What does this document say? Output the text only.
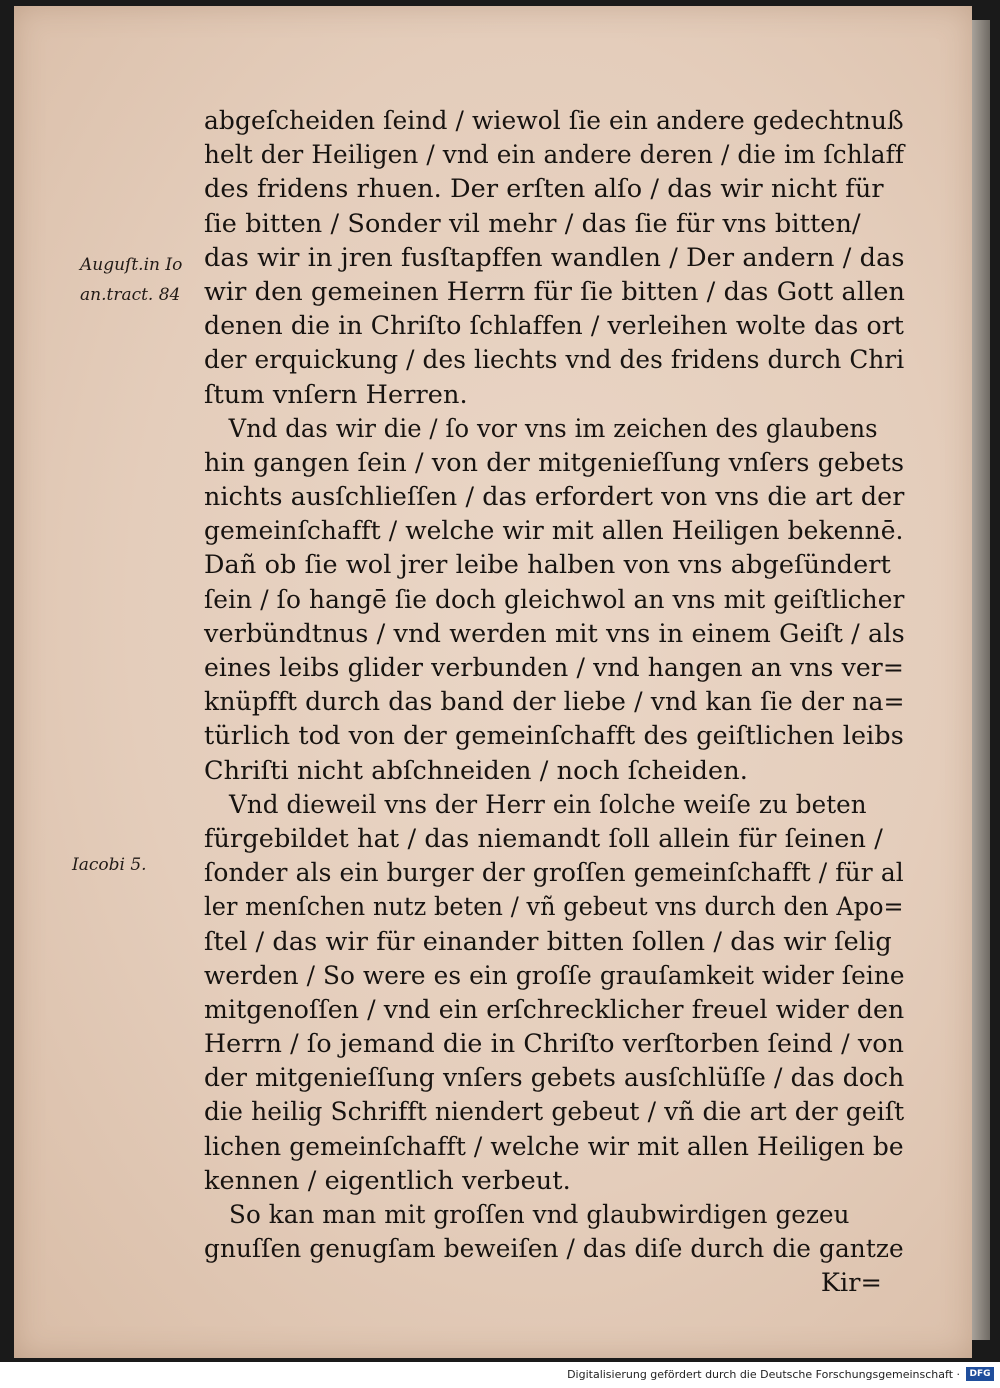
abgeſcheiden ſeind / wiewol ſie ein andere gedechtnuß
helt der Heiligen / vnd ein andere deren / die im ſchlaff
des fridens rhuen. Der erſten alſo / das wir nicht für
ſie bitten / Sonder vil mehr / das ſie für vns bitten/
das wir in jren fusſtapffen wandlen / Der andern / das
wir den gemeinen Herrn für ſie bitten / das Gott allen
denen die in Chriſto ſchlaffen / verleihen wolte das ort
der erquickung / des liechts vnd des fridens durch Chri
ſtum vnſern Herren.
Vnd das wir die / ſo vor vns im zeichen des glaubens
hin gangen ſein / von der mitgenieſſung vnſers gebets
nichts ausſchlieſſen / das erfordert von vns die art der
gemeinſchafft / welche wir mit allen Heiligen bekennē.
Dañ ob ſie wol jrer leibe halben von vns abgeſündert
ſein / ſo hangē ſie doch gleichwol an vns mit geiſtlicher
verbündtnus / vnd werden mit vns in einem Geiſt / als
eines leibs glider verbunden / vnd hangen an vns ver=
knüpfft durch das band der liebe / vnd kan ſie der na=
türlich tod von der gemeinſchafft des geiſtlichen leibs
Chriſti nicht abſchneiden / noch ſcheiden.
Vnd dieweil vns der Herr ein ſolche weiſe zu beten
fürgebildet hat / das niemandt ſoll allein für ſeinen /
ſonder als ein burger der groſſen gemeinſchafft / für al
ler menſchen nutz beten / vñ gebeut vns durch den Apo=
ſtel / das wir für einander bitten ſollen / das wir ſelig
werden / So were es ein groſſe grauſamkeit wider ſeine
mitgenoſſen / vnd ein erſchrecklicher freuel wider den
Herrn / ſo jemand die in Chriſto verſtorben ſeind / von
der mitgenieſſung vnſers gebets ausſchlüſſe / das doch
die heilig Schrifft niendert gebeut / vñ die art der geiſt
lichen gemeinſchafft / welche wir mit allen Heiligen be
kennen / eigentlich verbeut.
So kan man mit groſſen vnd glaubwirdigen gezeu
gnuſſen genugſam beweiſen / das diſe durch die gantze
Kir=
Auguſt.in Io
an.tract. 84
Iacobi 5.
Digitalisierung gefördert durch die Deutsche Forschungsgemeinschaft ·	DFG
